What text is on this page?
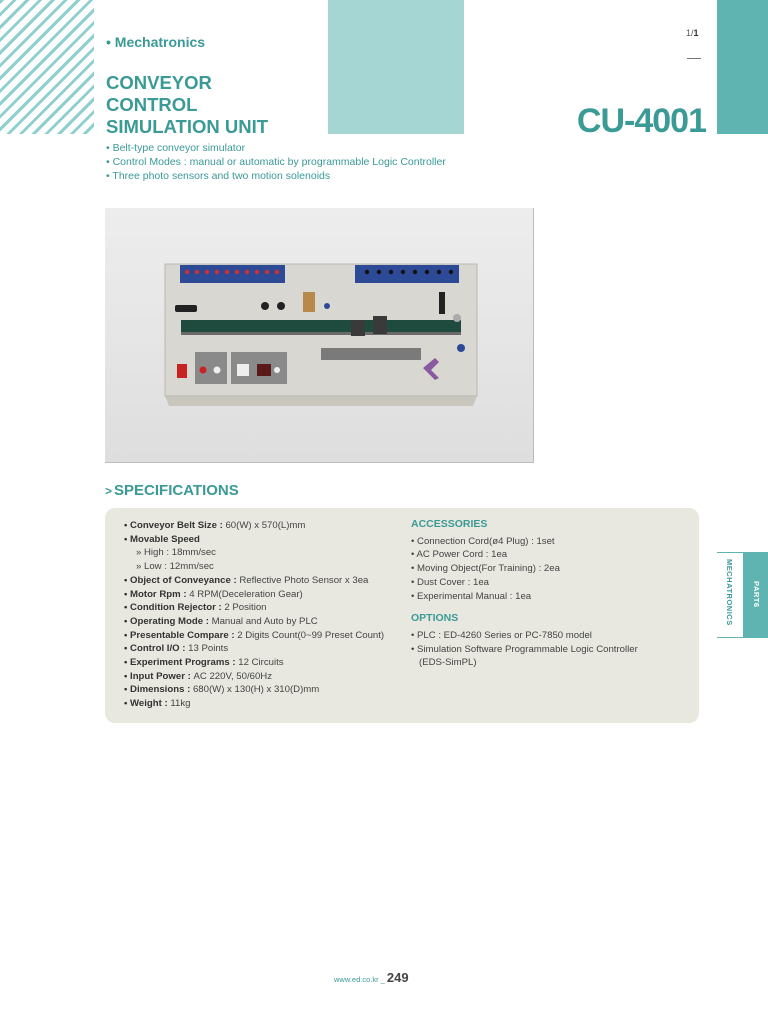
• Mechatronics
CONVEYOR
CONTROL
SIMULATION UNIT
1/1
CU-4001
• Belt-type conveyor simulator
• Control Modes : manual or automatic by programmable Logic Controller
• Three photo sensors and two motion solenoids
> SPECIFICATIONS
• Conveyor Belt Size : 60(W) x 570(L)mm
• Movable Speed
» High : 18mm/sec
» Low : 12mm/sec
• Object of Conveyance : Reflective Photo Sensor x 3ea
• Motor Rpm : 4 RPM(Deceleration Gear)
• Condition Rejector : 2 Position
• Operating Mode : Manual and Auto by PLC
• Presentable Compare : 2 Digits Count(0~99 Preset Count)
• Control I/O : 13 Points
• Experiment Programs : 12 Circuits
• Input Power : AC 220V, 50/60Hz
• Dimensions : 680(W) x 130(H) x 310(D)mm
• Weight : 11kg
ACCESSORIES
• Connection Cord(ø4 Plug) : 1set
• AC Power Cord : 1ea
• Moving Object(For Training) : 2ea
• Dust Cover : 1ea
• Experimental Manual : 1ea
OPTIONS
• PLC : ED-4260 Series or PC-7850 model
• Simulation Software Programmable Logic Controller
(EDS-SimPL)
MECHATRONICS PART6
www.ed.co.kr _ 249
